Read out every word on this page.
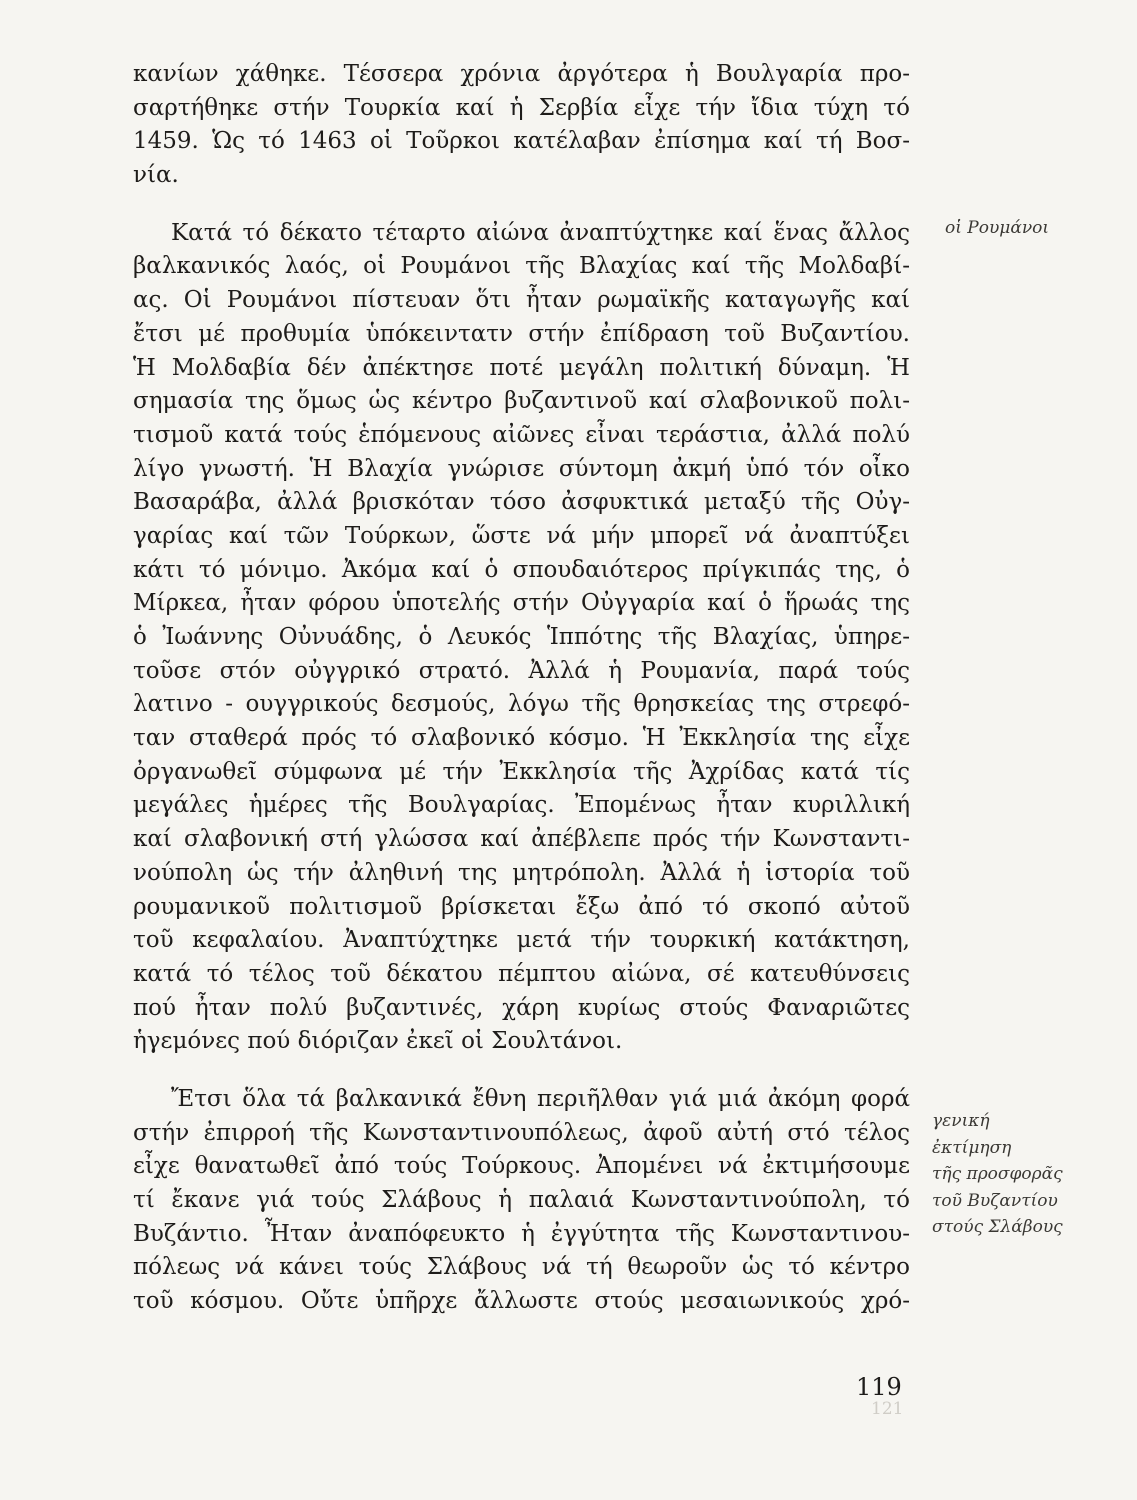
κανίων χάθηκε. Τέσσερα χρόνια ἀργότερα ἡ Βουλγαρία προ-
σαρτήθηκε στήν Τουρκία καί ἡ Σερβία εἶχε τήν ἴδια τύχη τό
1459. Ὡς τό 1463 οἱ Τοῦρκοι κατέλαβαν ἐπίσημα καί τή Βοσ-
νία.
Κατά τό δέκατο τέταρτο αἰώνα ἀναπτύχτηκε καί ἕνας ἄλλος
βαλκανικός λαός, οἱ Ρουμάνοι τῆς Βλαχίας καί τῆς Μολδαβί-
ας. Οἱ Ρουμάνοι πίστευαν ὅτι ἦταν ρωμαϊκῆς καταγωγῆς καί
ἔτσι μέ προθυμία ὑπόκειντατν στήν ἐπίδραση τοῦ Βυζαντίου.
Ἡ Μολδαβία δέν ἀπέκτησε ποτέ μεγάλη πολιτική δύναμη. Ἡ
σημασία της ὅμως ὡς κέντρο βυζαντινοῦ καί σλαβονικοῦ πολι-
τισμοῦ κατά τούς ἑπόμενους αἰῶνες εἶναι τεράστια, ἀλλά πολύ
λίγο γνωστή. Ἡ Βλαχία γνώρισε σύντομη ἀκμή ὑπό τόν οἶκο
Βασαράβα, ἀλλά βρισκόταν τόσο ἀσφυκτικά μεταξύ τῆς Οὐγ-
γαρίας καί τῶν Τούρκων, ὥστε νά μήν μπορεῖ νά ἀναπτύξει
κάτι τό μόνιμο. Ἀκόμα καί ὁ σπουδαιότερος πρίγκιπάς της, ὁ
Μίρκεα, ἦταν φόρου ὑποτελής στήν Οὐγγαρία καί ὁ ἥρωάς της
ὁ Ἰωάννης Οὐνυάδης, ὁ Λευκός Ἱππότης τῆς Βλαχίας, ὑπηρε-
τοῦσε στόν οὐγγρικό στρατό. Ἀλλά ἡ Ρουμανία, παρά τούς
λατινο - ουγγρικούς δεσμούς, λόγω τῆς θρησκείας της στρεφό-
ταν σταθερά πρός τό σλαβονικό κόσμο. Ἡ Ἐκκλησία της εἶχε
ὀργανωθεῖ σύμφωνα μέ τήν Ἐκκλησία τῆς Ἀχρίδας κατά τίς
μεγάλες ἡμέρες τῆς Βουλγαρίας. Ἐπομένως ἦταν κυριλλική
καί σλαβονική στή γλώσσα καί ἀπέβλεπε πρός τήν Κωνσταντι-
νούπολη ὡς τήν ἀληθινή της μητρόπολη. Ἀλλά ἡ ἱστορία τοῦ
ρουμανικοῦ πολιτισμοῦ βρίσκεται ἔξω ἀπό τό σκοπό αὐτοῦ
τοῦ κεφαλαίου. Ἀναπτύχτηκε μετά τήν τουρκική κατάκτηση,
κατά τό τέλος τοῦ δέκατου πέμπτου αἰώνα, σέ κατευθύνσεις
πού ἦταν πολύ βυζαντινές, χάρη κυρίως στούς Φαναριῶτες
ἡγεμόνες πού διόριζαν ἐκεῖ οἱ Σουλτάνοι.
Ἔτσι ὅλα τά βαλκανικά ἔθνη περιῆλθαν γιά μιά ἀκόμη φορά
στήν ἐπιρροή τῆς Κωνσταντινουπόλεως, ἀφοῦ αὐτή στό τέλος
εἶχε θανατωθεῖ ἀπό τούς Τούρκους. Ἀπομένει νά ἐκτιμήσουμε
τί ἔκανε γιά τούς Σλάβους ἡ παλαιά Κωνσταντινούπολη, τό
Βυζάντιο. Ἦταν ἀναπόφευκτο ἡ ἐγγύτητα τῆς Κωνσταντινου-
πόλεως νά κάνει τούς Σλάβους νά τή θεωροῦν ὡς τό κέντρο
τοῦ κόσμου. Οὔτε ὑπῆρχε ἄλλωστε στούς μεσαιωνικούς χρό-
οἱ Ρουμάνοι
γενική
ἐκτίμηση
τῆς προσφορᾶς
τοῦ Βυζαντίου
στούς Σλάβους
119
121
